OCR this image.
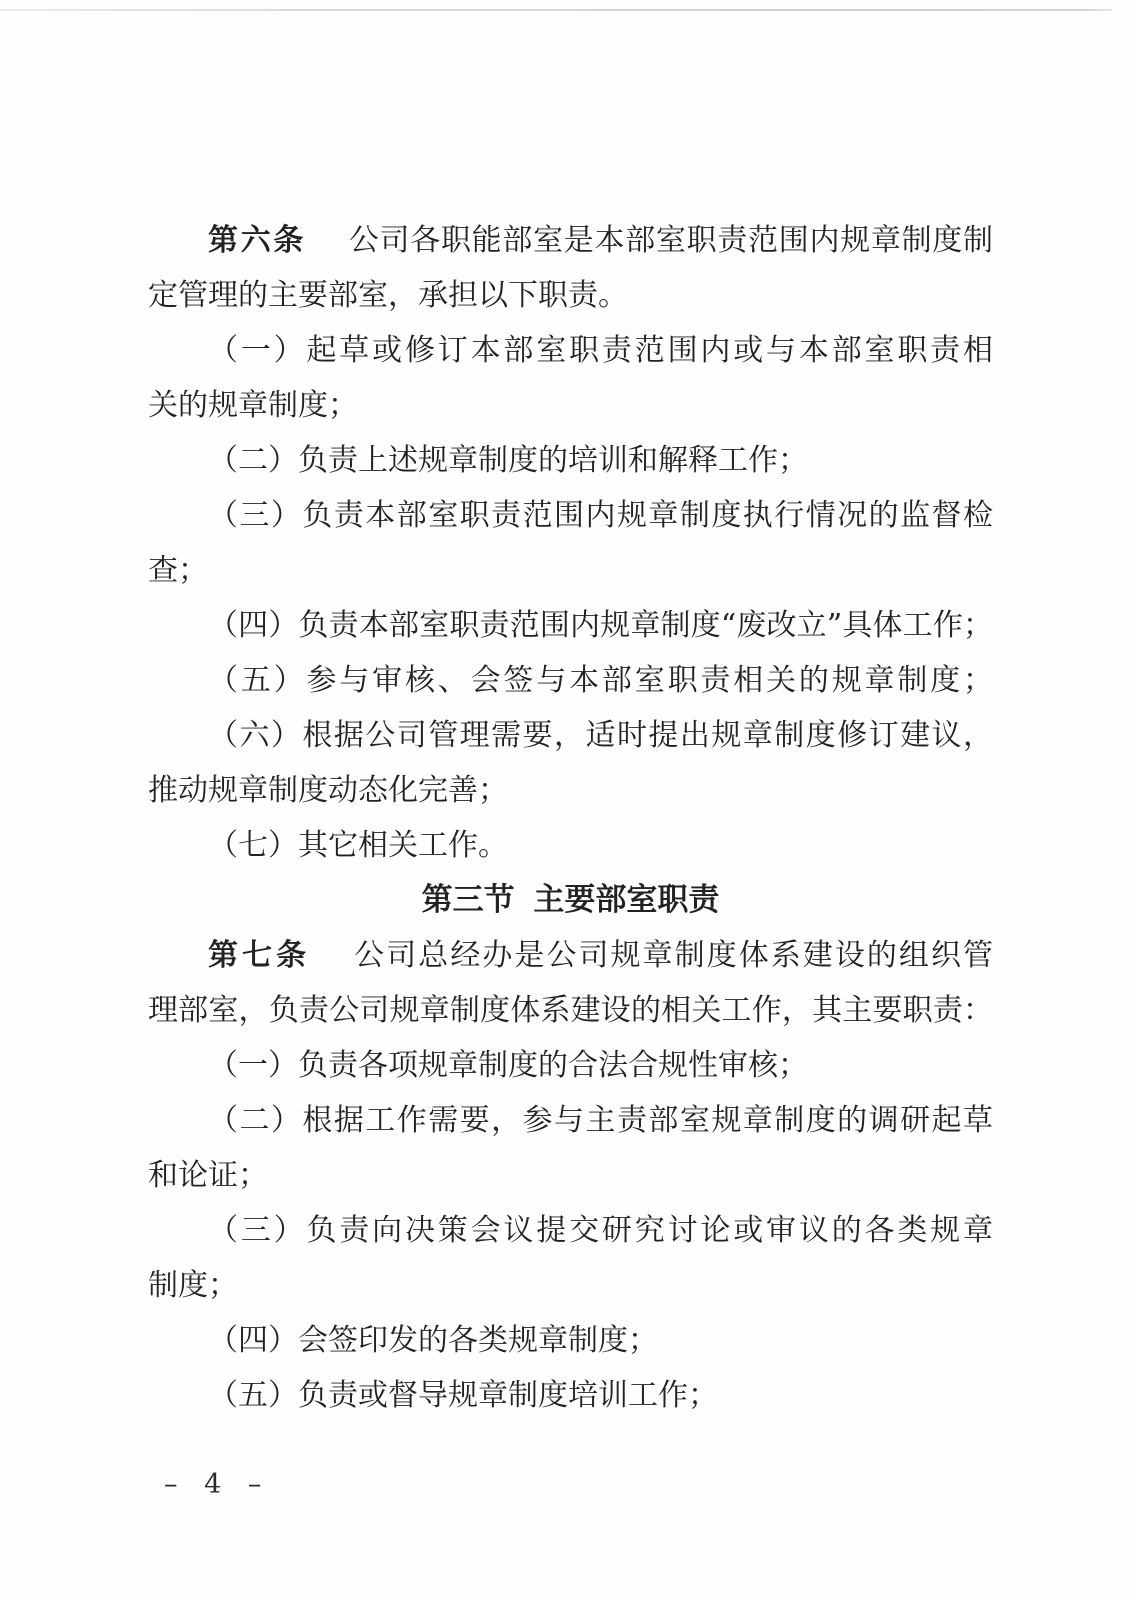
第六条 公司各职能部室是本部室职责范围内规章制度制
定管理的主要部室，承担以下职责。
（一）起草或修订本部室职责范围内或与本部室职责相
关的规章制度；
（二）负责上述规章制度的培训和解释工作；
（三）负责本部室职责范围内规章制度执行情况的监督检
查；
（四）负责本部室职责范围内规章制度“废改立”具体工作；
（五）参与审核、会签与本部室职责相关的规章制度；
（六）根据公司管理需要，适时提出规章制度修订建议，
推动规章制度动态化完善；
（七）其它相关工作。
第三节 主要部室职责
第七条 公司总经办是公司规章制度体系建设的组织管
理部室，负责公司规章制度体系建设的相关工作，其主要职责：
（一）负责各项规章制度的合法合规性审核；
（二）根据工作需要，参与主责部室规章制度的调研起草
和论证；
（三）负责向决策会议提交研究讨论或审议的各类规章
制度；
（四）会签印发的各类规章制度；
（五）负责或督导规章制度培训工作；
– 4 –
